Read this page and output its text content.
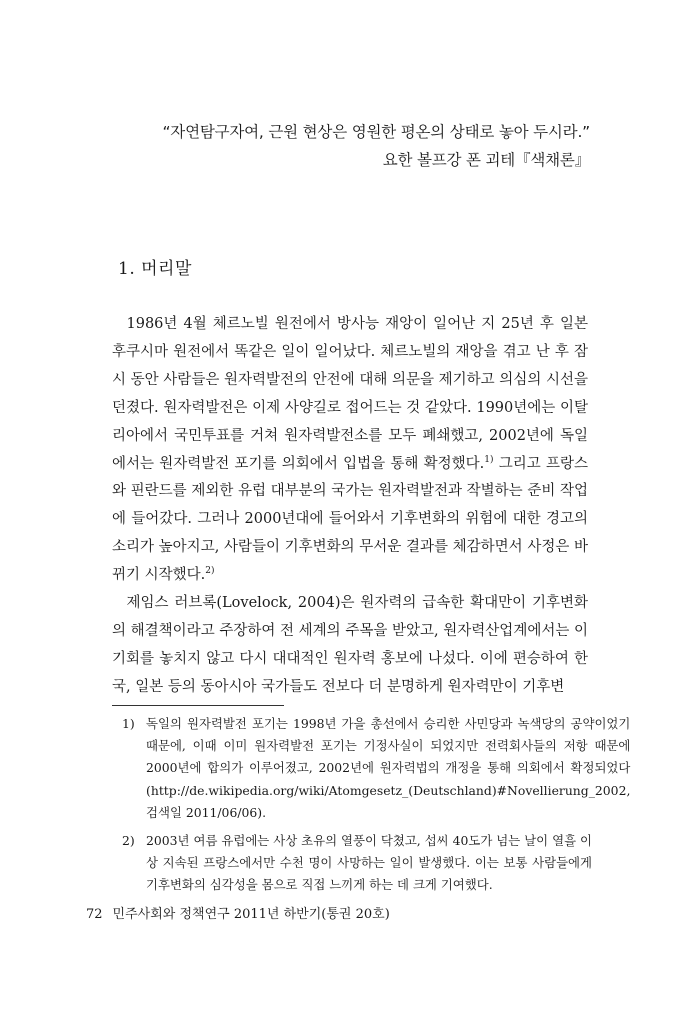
“자연탐구자여, 근원 현상은 영원한 평온의 상태로 놓아 두시라.”
요한 볼프강 폰 괴테『색채론』
1. 머리말

1986년 4월 체르노빌 원전에서 방사능 재앙이 일어난 지 25년 후 일본 후쿠시마 원전에서 똑같은 일이 일어났다. 체르노빌의 재앙을 겪고 난 후 잠시 동안 사람들은 원자력발전의 안전에 대해 의문을 제기하고 의심의 시선을 던졌다. 원자력발전은 이제 사양길로 접어드는 것 같았다. 1990년에는 이탈리아에서 국민투표를 거쳐 원자력발전소를 모두 폐쇄했고, 2002년에 독일에서는 원자력발전 포기를 의회에서 입법을 통해 확정했다.$^{1)}$ 그리고 프랑스와 핀란드를 제외한 유럽 대부분의 국가는 원자력발전과 작별하는 준비 작업에 들어갔다. 그러나 2000년대에 들어와서 기후변화의 위험에 대한 경고의 소리가 높아지고, 사람들이 기후변화의 무서운 결과를 체감하면서 사정은 바뀌기 시작했다.$^{2)}$

제임스 러브록(Lovelock, 2004)은 원자력의 급속한 확대만이 기후변화의 해결책이라고 주장하여 전 세계의 주목을 받았고, 원자력산업계에서는 이 기회를 놓치지 않고 다시 대대적인 원자력 홍보에 나섰다. 이에 편승하여 한국, 일본 등의 동아시아 국가들도 전보다 더 분명하게 원자력만이 기후변

1) 독일의 원자력발전 포기는 1998년 가을 총선에서 승리한 사민당과 녹색당의 공약이었기 때문에, 이때 이미 원자력발전 포기는 기정사실이 되었지만 전력회사들의 저항 때문에 2000년에 합의가 이루어졌고, 2002년에 원자력법의 개정을 통해 의회에서 확정되었다(http://de.wikipedia.org/wiki/Atomgesetz_(Deutschland)#Novellierung_2002, 검색일 2011/06/06).
2) 2003년 여름 유럽에는 사상 초유의 열풍이 닥쳤고, 섭씨 40도가 넘는 날이 열흘 이상 지속된 프랑스에서만 수천 명이 사망하는 일이 발생했다. 이는 보통 사람들에게 기후변화의 심각성을 몸으로 직접 느끼게 하는 데 크게 기여했다.
72 민주사회와 정책연구 2011년 하반기(통권 20호)
